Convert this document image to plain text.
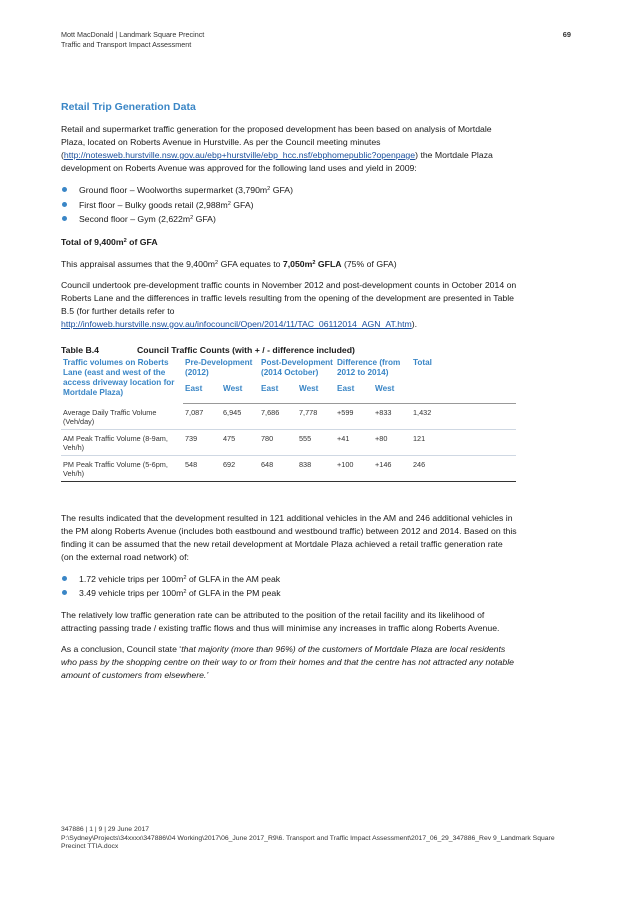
Mott MacDonald | Landmark Square Precinct
Traffic and Transport Impact Assessment
69
Retail Trip Generation Data

Retail and supermarket traffic generation for the proposed development has been based on analysis of Mortdale Plaza, located on Roberts Avenue in Hurstville. As per the Council meeting minutes
(http://notesweb.hurstville.nsw.gov.au/ebp+hurstville/ebp_hcc.nsf/ebphomepublic?openpage) the Mortdale Plaza development on Roberts Avenue was approved for the following land uses and yield in 2009:

Ground floor – Woolworths supermarket ($3,790m^2$ GFA)
First floor – Bulky goods retail ($2,988m^2$ GFA)
Second floor – Gym ($2,622m^2$ GFA)

Total of $9,400m^2$ of GFA

This appraisal assumes that the $9,400m^2$ GFA equates to $7,050m^2$ GFLA (75% of GFA)

Council undertook pre-development traffic counts in November 2012 and post-development counts in October 2014 on Roberts Lane and the differences in traffic levels resulting from the opening of the development are presented in Table B.5 (for further details refer to http://infoweb.hurstville.nsw.gov.au/infocouncil/Open/2014/11/TAC_06112014_AGN_AT.htm).

Table B.4	Council Traffic Counts (with + / - difference included)
Traffic volumes on Roberts Lane (east and west of the access driveway location for Mortdale Plaza)	Pre-Development (2012)		Post-Development (2014 October)		Difference (from 2012 to 2014)		Total
	East	West	East	West	East	West	
Average Daily Traffic Volume (Veh/day)	7,087	6,945	7,686	7,778	+599	+833	1,432
AM Peak Traffic Volume (8-9am, Veh/h)	739	475	780	555	+41	+80	121
PM Peak Traffic Volume (5-6pm, Veh/h)	548	692	648	838	+100	+146	246

The results indicated that the development resulted in 121 additional vehicles in the AM and 246 additional vehicles in the PM along Roberts Avenue (includes both eastbound and westbound traffic) between 2012 and 2014. Based on this finding it can be assumed that the new retail development at Mortdale Plaza achieved a retail traffic generation rate (on the external road network) of:

1.72 vehicle trips per $100m^2$ of GLFA in the AM peak
3.49 vehicle trips per $100m^2$ of GLFA in the PM peak

The relatively low traffic generation rate can be attributed to the position of the retail facility and its likelihood of attracting passing trade / existing traffic flows and thus will minimise any increases in traffic along Roberts Avenue.

As a conclusion, Council state ‘that majority (more than 96%) of the customers of Mortdale Plaza are local residents who pass by the shopping centre on their way to or from their homes and that the centre has not attracted any notable amount of customers from elsewhere.’

347886 | 1 | 9 | 29 June 2017
P:\Sydney\Projects\34xxxx\347886\04 Working\2017\06_June 2017_R9\6. Transport and Traffic Impact Assessment\2017_06_29_347886_Rev 9_Landmark Square Precinct TTIA.docx
